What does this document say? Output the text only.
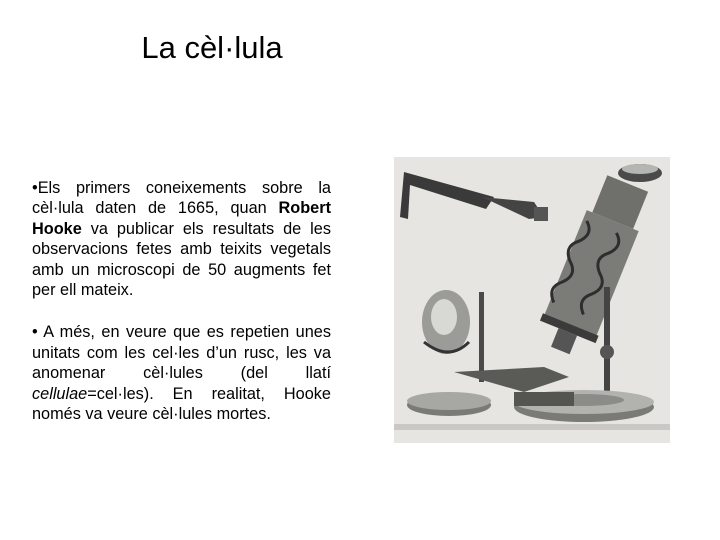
La cèl·lula

•Els primers coneixements sobre la cèl·lula daten de 1665, quan Robert Hooke va publicar els resultats de les observacions fetes amb teixits vegetals amb un microscopi de 50 augments fet per ell mateix.

• A més, en veure que es repetien unes unitats com les cel·les d’un rusc, les va anomenar cèl·lules (del llatí cellulae=cel·les). En realitat, Hooke només va veure cèl·lules mortes.
